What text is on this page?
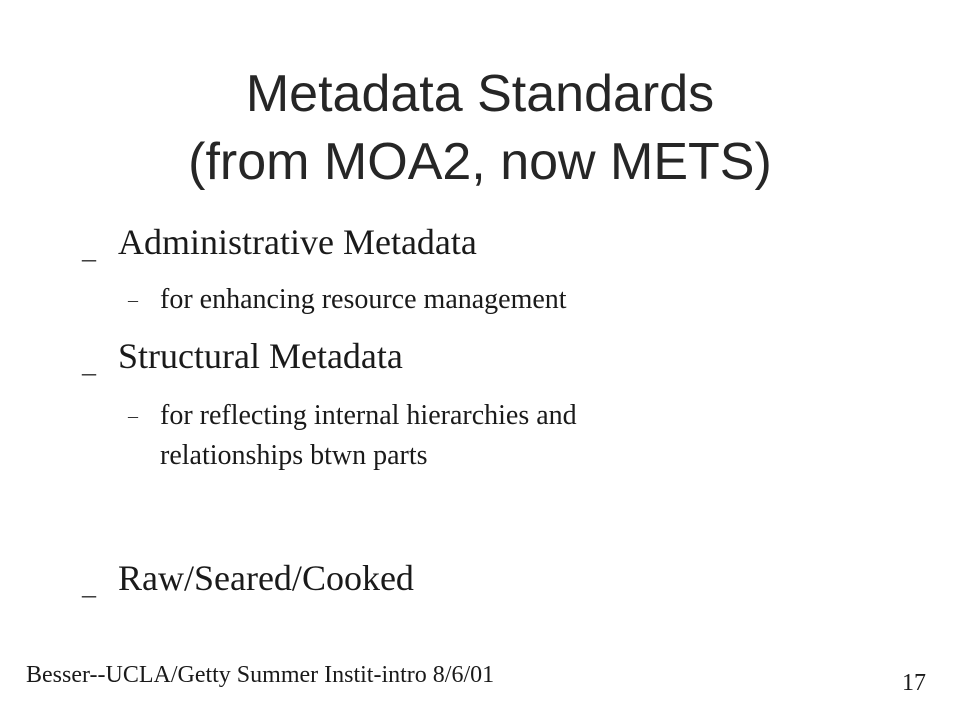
Metadata Standards
(from MOA2, now METS)
_ Administrative Metadata
– for enhancing resource management
_ Structural Metadata
– for reflecting internal hierarchies and
relationships btwn parts
_ Raw/Seared/Cooked
Besser--UCLA/Getty Summer Instit-intro 8/6/01	17
